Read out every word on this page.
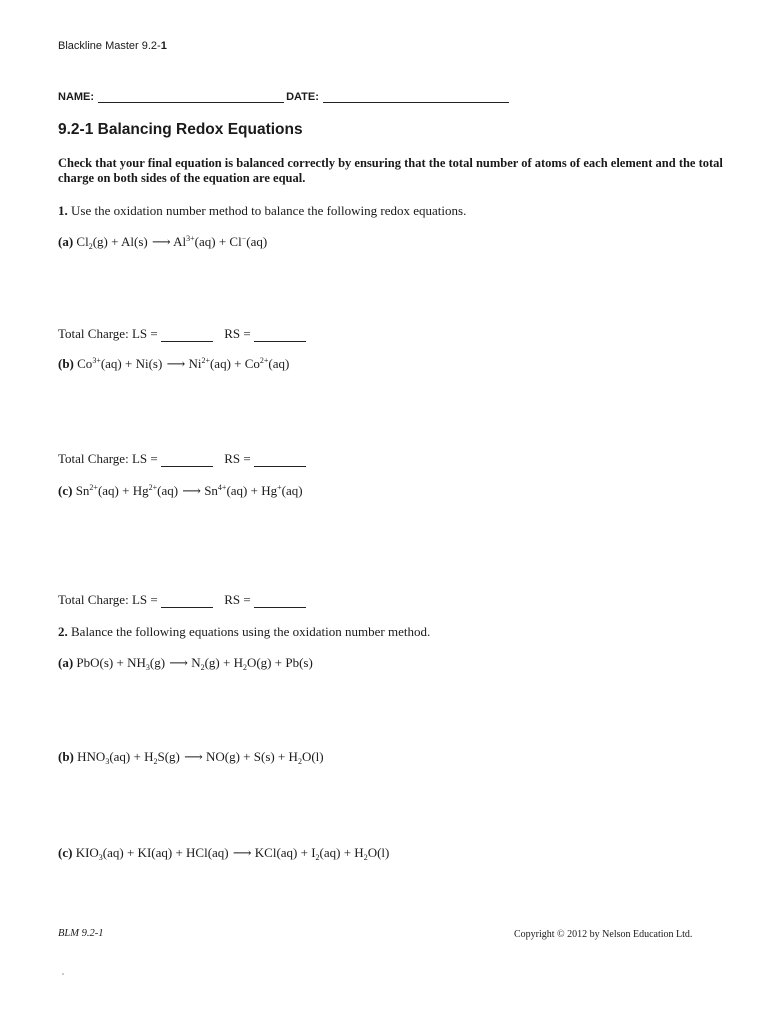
Blackline Master 9.2-1
NAME:	DATE:
9.2-1 Balancing Redox Equations
Check that your final equation is balanced correctly by ensuring that the total number of atoms of each element and the total charge on both sides of the equation are equal.
1. Use the oxidation number method to balance the following redox equations.
(a) $Cl_2(g) + Al(s)$ ⟶ $Al^{3+}(aq) + Cl^-(aq)$
Total Charge: LS =	RS =
(b) $Co^{3+}(aq) + Ni(s)$ ⟶ $Ni^{2+}(aq) + Co^{2+}(aq)$
Total Charge: LS =	RS =
(c) $Sn^{2+}(aq) + Hg^{2+}(aq)$ ⟶ $Sn^{4+}(aq) + Hg^+(aq)$
Total Charge: LS =	RS =
2. Balance the following equations using the oxidation number method.
(a) $PbO(s) + NH_3(g)$ ⟶ $N_2(g) + H_2O(g) + Pb(s)$
(b) $HNO_3(aq) + H_2S(g)$ ⟶ $NO(g) + S(s) + H_2O(l)$
(c) $KIO_3(aq) + KI(aq) + HCl(aq)$ ⟶ $KCl(aq) + I_2(aq) + H_2O(l)$
BLM 9.2-1	Copyright © 2012 by Nelson Education Ltd.
